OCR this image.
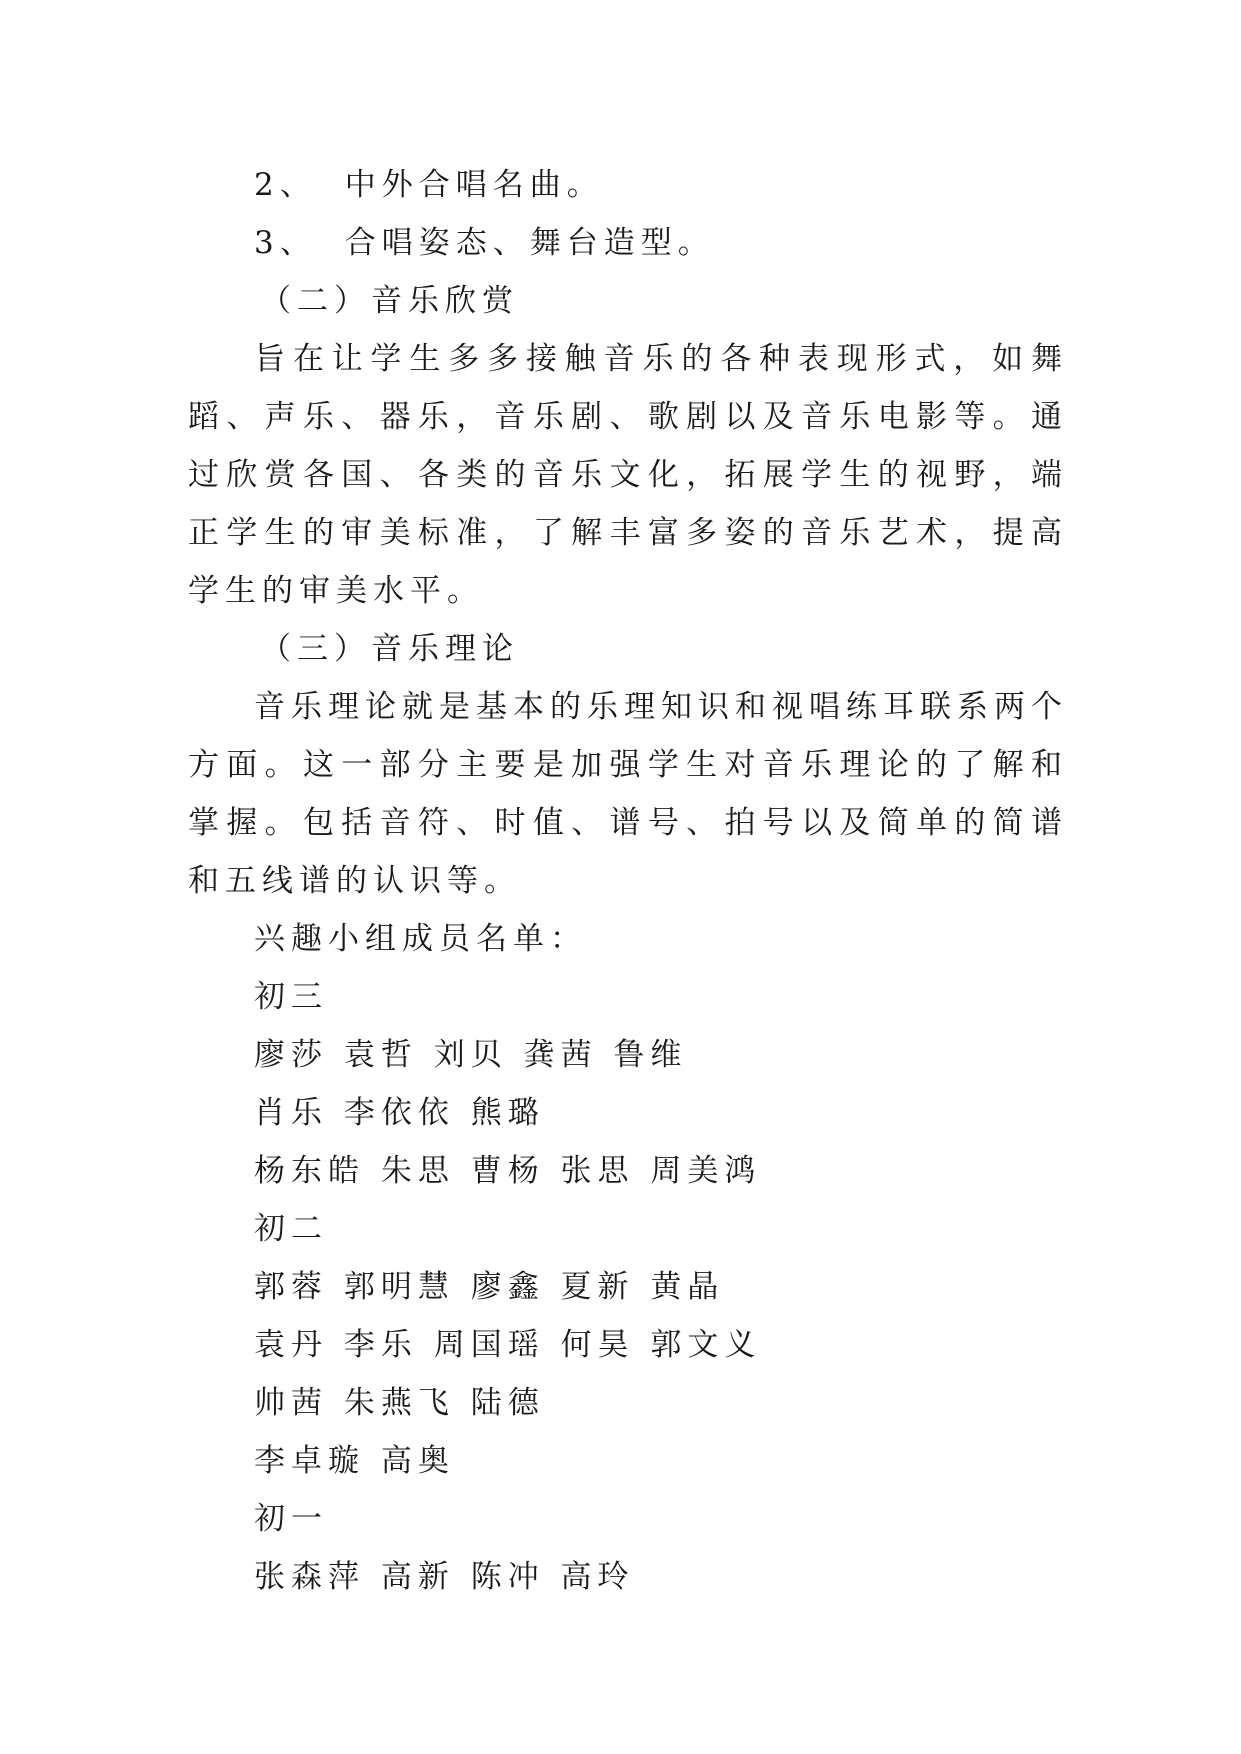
2、 中外合唱名曲。
3、 合唱姿态、舞台造型。
（二）音乐欣赏

旨在让学生多多接触音乐的各种表现形式，如舞蹈、声乐、器乐，音乐剧、歌剧以及音乐电影等。通过欣赏各国、各类的音乐文化，拓展学生的视野，端正学生的审美标准，了解丰富多姿的音乐艺术，提高学生的审美水平。

（三）音乐理论

音乐理论就是基本的乐理知识和视唱练耳联系两个方面。这一部分主要是加强学生对音乐理论的了解和掌握。包括音符、时值、谱号、拍号以及简单的简谱和五线谱的认识等。

兴趣小组成员名单：
初三
廖莎 袁哲 刘贝 龚茜 鲁维
肖乐 李依依 熊璐
杨东皓 朱思 曹杨 张思 周美鸿
初二
郭蓉 郭明慧 廖鑫 夏新 黄晶
袁丹 李乐 周国瑶 何昊 郭文义
帅茜 朱燕飞 陆德
李卓璇 高奥
初一
张森萍 高新 陈冲 高玲
